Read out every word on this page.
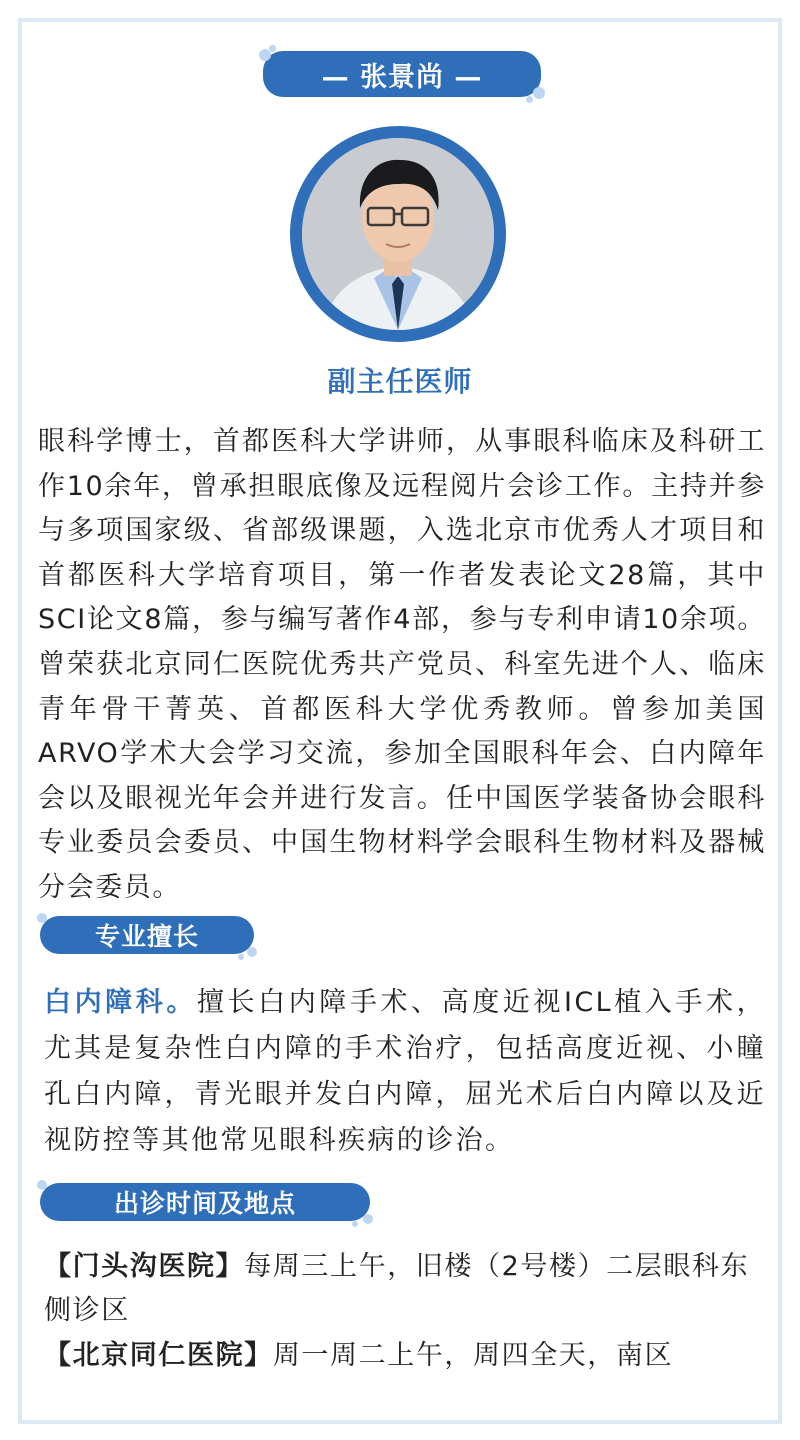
— 张景尚 —
副主任医师

眼科学博士，首都医科大学讲师，从事眼科临床及科研工作10余年，曾承担眼底像及远程阅片会诊工作。主持并参与多项国家级、省部级课题，入选北京市优秀人才项目和首都医科大学培育项目，第一作者发表论文28篇，其中SCI论文8篇，参与编写著作4部，参与专利申请10余项。曾荣获北京同仁医院优秀共产党员、科室先进个人、临床青年骨干菁英、首都医科大学优秀教师。曾参加美国ARVO学术大会学习交流，参加全国眼科年会、白内障年会以及眼视光年会并进行发言。任中国医学装备协会眼科专业委员会委员、中国生物材料学会眼科生物材料及器械分会委员。

专业擅长

白内障科。擅长白内障手术、高度近视ICL植入手术，尤其是复杂性白内障的手术治疗，包括高度近视、小瞳孔白内障，青光眼并发白内障，屈光术后白内障以及近视防控等其他常见眼科疾病的诊治。

出诊时间及地点

【门头沟医院】每周三上午，旧楼（2号楼）二层眼科东侧诊区

【北京同仁医院】周一周二上午，周四全天，南区
